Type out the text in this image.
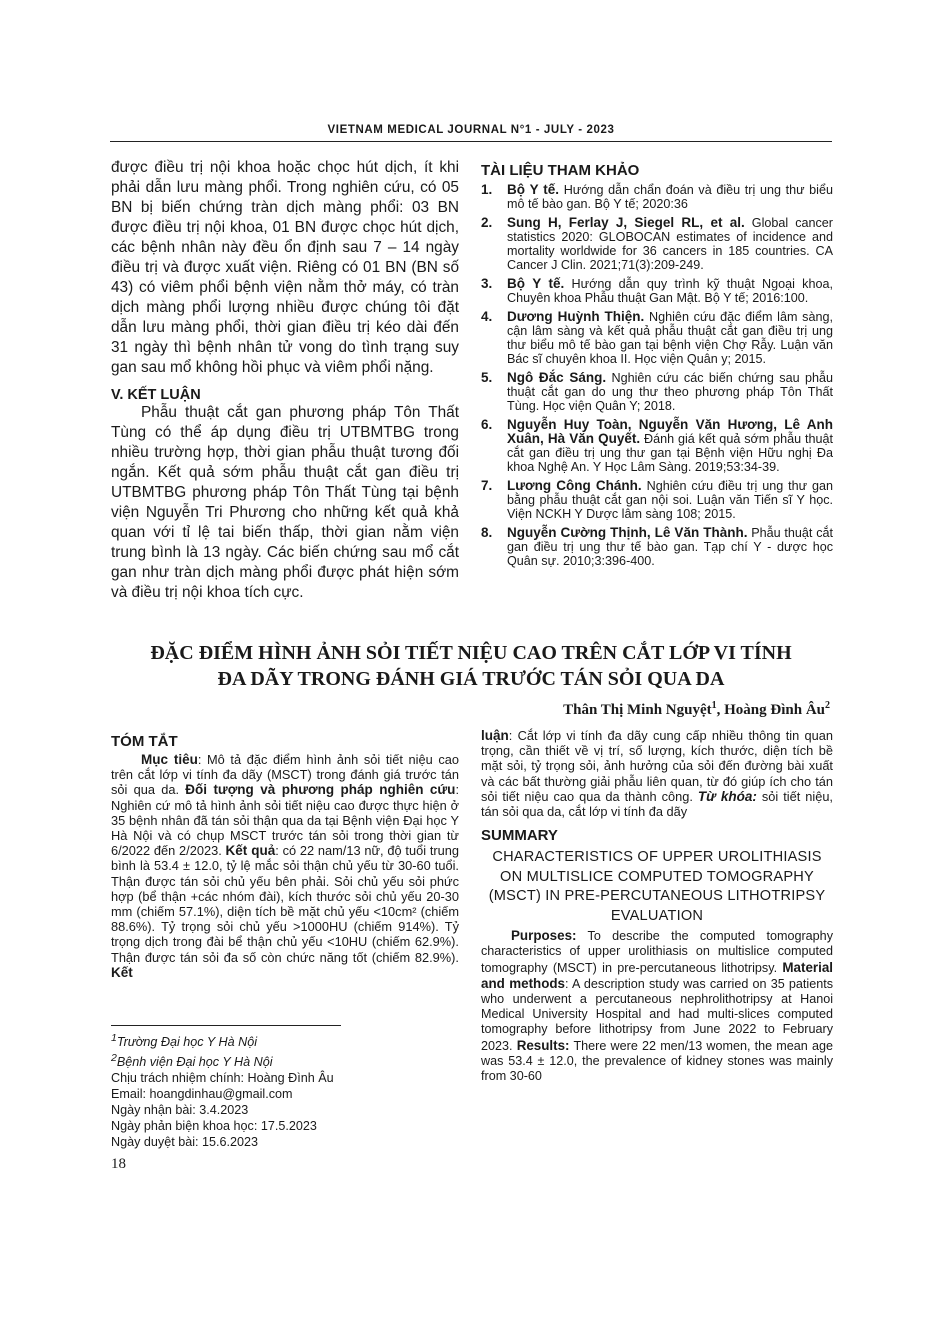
VIETNAM MEDICAL JOURNAL N°1 - JULY - 2023

được điều trị nội khoa hoặc chọc hút dịch, ít khi phải dẫn lưu màng phổi. Trong nghiên cứu, có 05 BN bị biến chứng tràn dịch màng phổi: 03 BN được điều trị nội khoa, 01 BN được chọc hút dịch, các bệnh nhân này đều ổn định sau 7 – 14 ngày điều trị và được xuất viện. Riêng có 01 BN (BN số 43) có viêm phổi bệnh viện nằm thở máy, có tràn dịch màng phổi lượng nhiều được chúng tôi đặt dẫn lưu màng phổi, thời gian điều trị kéo dài đến 31 ngày thì bệnh nhân tử vong do tình trạng suy gan sau mổ không hồi phục và viêm phổi nặng.

V. KẾT LUẬN

Phẫu thuật cắt gan phương pháp Tôn Thất Tùng có thể áp dụng điều trị UTBMTBG trong nhiều trường hợp, thời gian phẫu thuật tương đối ngắn. Kết quả sớm phẫu thuật cắt gan điều trị UTBMTBG phương pháp Tôn Thất Tùng tại bệnh viện Nguyễn Tri Phương cho những kết quả khả quan với tỉ lệ tai biến thấp, thời gian nằm viện trung bình là 13 ngày. Các biến chứng sau mổ cắt gan như tràn dịch màng phổi được phát hiện sớm và điều trị nội khoa tích cực.

TÀI LIỆU THAM KHẢO
1. Bộ Y tế. Hướng dẫn chẩn đoán và điều trị ung thư biểu mô tế bào gan. Bộ Y tế; 2020:36
2. Sung H, Ferlay J, Siegel RL, et al. Global cancer statistics 2020: GLOBOCAN estimates of incidence and mortality worldwide for 36 cancers in 185 countries. CA Cancer J Clin. 2021;71(3):209-249.
3. Bộ Y tế. Hướng dẫn quy trình kỹ thuật Ngoại khoa, Chuyên khoa Phẫu thuật Gan Mật. Bộ Y tế; 2016:100.
4. Dương Huỳnh Thiện. Nghiên cứu đặc điểm lâm sàng, cận lâm sàng và kết quả phẫu thuật cắt gan điều trị ung thư biểu mô tế bào gan tại bệnh viện Chợ Rẫy. Luận văn Bác sĩ chuyên khoa II. Học viện Quân y; 2015.
5. Ngô Đắc Sáng. Nghiên cứu các biến chứng sau phẫu thuật cắt gan do ung thư theo phương pháp Tôn Thất Tùng. Học viện Quân Y; 2018.
6. Nguyễn Huy Toàn, Nguyễn Văn Hương, Lê Anh Xuân, Hà Văn Quyết. Đánh giá kết quả sớm phẫu thuật cắt gan điều trị ung thư gan tại Bệnh viện Hữu nghị Đa khoa Nghệ An. Y Học Lâm Sàng. 2019;53:34-39.
7. Lương Công Chánh. Nghiên cứu điều trị ung thư gan bằng phẫu thuật cắt gan nội soi. Luận văn Tiến sĩ Y học. Viện NCKH Y Dược lâm sàng 108; 2015.
8. Nguyễn Cường Thịnh, Lê Văn Thành. Phẫu thuật cắt gan điều trị ung thư tế bào gan. Tạp chí Y - dược học Quân sự. 2010;3:396-400.
ĐẶC ĐIỂM HÌNH ẢNH SỎI TIẾT NIỆU CAO TRÊN CẮT LỚP VI TÍNH
ĐA DÃY TRONG ĐÁNH GIÁ TRƯỚC TÁN SỎI QUA DA
Thân Thị Minh Nguyệt$^1$, Hoàng Đình $Âu^2$
TÓM TẮT

Mục tiêu: Mô tả đặc điểm hình ảnh sỏi tiết niệu cao trên cắt lớp vi tính đa dãy (MSCT) trong đánh giá trước tán sỏi qua da. Đối tượng và phương pháp nghiên cứu: Nghiên cứ mô tả hình ảnh sỏi tiết niệu cao được thực hiện ở 35 bệnh nhân đã tán sỏi thận qua da tại Bệnh viện Đại học Y Hà Nội và có chụp MSCT trước tán sỏi trong thời gian từ 6/2022 đến 2/2023. Kết quả: có 22 nam/13 nữ, độ tuổi trung bình là 53.4 ± 12.0, tỷ lệ mắc sỏi thận chủ yếu từ 30-60 tuổi. Thận được tán sỏi chủ yếu bên phải. Sỏi chủ yếu sỏi phức hợp (bể thận +các nhóm đài), kích thước sỏi chủ yếu 20-30 mm (chiếm 57.1%), diện tích bề mặt chủ yếu <10cm² (chiếm 88.6%). Tỷ trọng sỏi chủ yếu >1000HU (chiếm 914%). Tỷ trọng dịch trong đài bể thận chủ yếu <10HU (chiếm 62.9%). Thận được tán sỏi đa số còn chức năng tốt (chiếm 82.9%). Kết

$^1$Trường Đại học Y Hà Nội
$^2$Bệnh viện Đại học Y Hà Nội
Chịu trách nhiệm chính: Hoàng Đình Âu
Email: hoangdinhau@gmail.com
Ngày nhận bài: 3.4.2023
Ngày phản biện khoa học: 17.5.2023
Ngày duyệt bài: 15.6.2023

luận: Cắt lớp vi tính đa dãy cung cấp nhiều thông tin quan trọng, cần thiết về vị trí, số lượng, kích thước, diện tích bề mặt sỏi, tỷ trọng sỏi, ảnh hưởng của sỏi đến đường bài xuất và các bất thường giải phẫu liên quan, từ đó giúp ích cho tán sỏi tiết niệu cao qua da thành công. Từ khóa: sỏi tiết niệu, tán sỏi qua da, cắt lớp vi tính đa dãy

SUMMARY

CHARACTERISTICS OF UPPER UROLITHIASIS ON MULTISLICE COMPUTED TOMOGRAPHY (MSCT) IN PRE-PERCUTANEOUS LITHOTRIPSY EVALUATION

Purposes: To describe the computed tomography characteristics of upper urolithiasis on multislice computed tomography (MSCT) in pre-percutaneous lithotripsy. Material and methods: A description study was carried on 35 patients who underwent a percutaneous nephrolithotripsy at Hanoi Medical University Hospital and had multi-slices computed tomography before lithotripsy from June 2022 to February 2023. Results: There were 22 men/13 women, the mean age was 53.4 ± 12.0, the prevalence of kidney stones was mainly from 30-60

18
